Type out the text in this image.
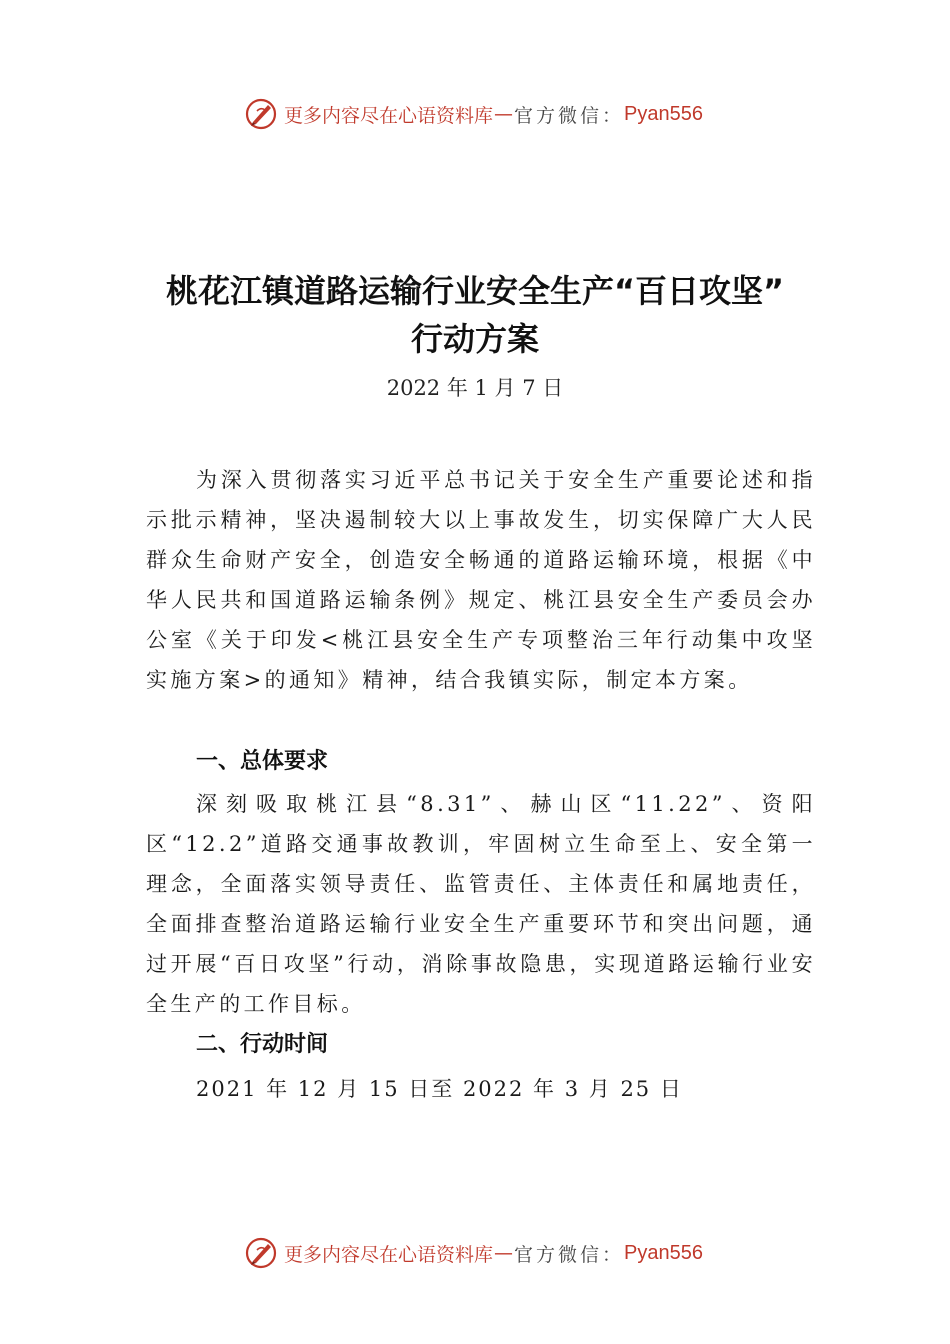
更多内容尽在心语资料库 — 官方微信： Pyan556
桃花江镇道路运输行业安全生产“百日攻坚”
行动方案
2022 年 1 月 7 日

为深入贯彻落实习近平总书记关于安全生产重要论述和指示批示精神，坚决遏制较大以上事故发生，切实保障广大人民群众生命财产安全，创造安全畅通的道路运输环境，根据《中华人民共和国道路运输条例》规定、桃江县安全生产委员会办公室《关于印发<桃江县安全生产专项整治三年行动集中攻坚实施方案>的通知》精神，结合我镇实际，制定本方案。

一、总体要求

深刻吸取桃江县“8.31”、赫山区“11.22”、资阳区“12.2”道路交通事故教训，牢固树立生命至上、安全第一理念，全面落实领导责任、监管责任、主体责任和属地责任，全面排查整治道路运输行业安全生产重要环节和突出问题，通过开展“百日攻坚”行动，消除事故隐患，实现道路运输行业安全生产的工作目标。

二、行动时间
2021 年 12 月 15 日至 2022 年 3 月 25 日
更多内容尽在心语资料库 — 官方微信： Pyan556
